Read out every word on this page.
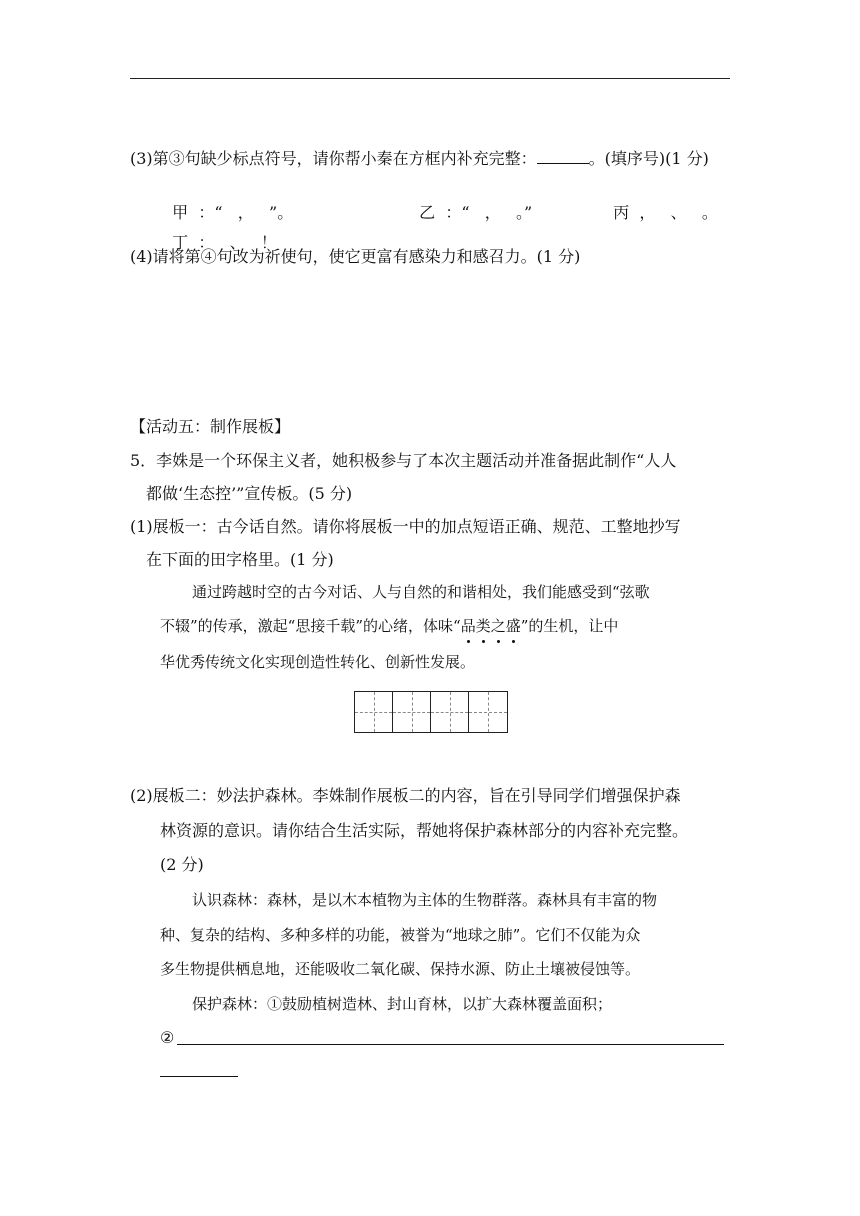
(3)第③句缺少标点符号，请你帮小秦在方框内补充完整：	。(填序号)(1 分)

甲 ：“   ，   ”。	乙 ：“   ，   。”	丙 ，   、   。

丁 ：   、   ！

(4)请将第④句改为祈使句，使它更富有感染力和感召力。(1 分)
【活动五：制作展板】
5．李姝是一个环保主义者，她积极参与了本次主题活动并准备据此制作“人人
都做‘生态控’”宣传板。(5 分)
(1)展板一：古今话自然。请你将展板一中的加点短语正确、规范、工整地抄写
在下面的田字格里。(1 分)
通过跨越时空的古今对话、人与自然的和谐相处，我们能感受到“弦歌
不辍”的传承，激起“思接千载”的心绪，体味“品类之盛”的生机，让中
华优秀传统文化实现创造性转化、创新性发展。
(2)展板二：妙法护森林。李姝制作展板二的内容，旨在引导同学们增强保护森
林资源的意识。请你结合生活实际，帮她将保护森林部分的内容补充完整。
(2 分)
认识森林：森林，是以木本植物为主体的生物群落。森林具有丰富的物
种、复杂的结构、多种多样的功能，被誉为“地球之肺”。它们不仅能为众
多生物提供栖息地，还能吸收二氧化碳、保持水源、防止土壤被侵蚀等。
保护森林：①鼓励植树造林、封山育林，以扩大森林覆盖面积；
②
